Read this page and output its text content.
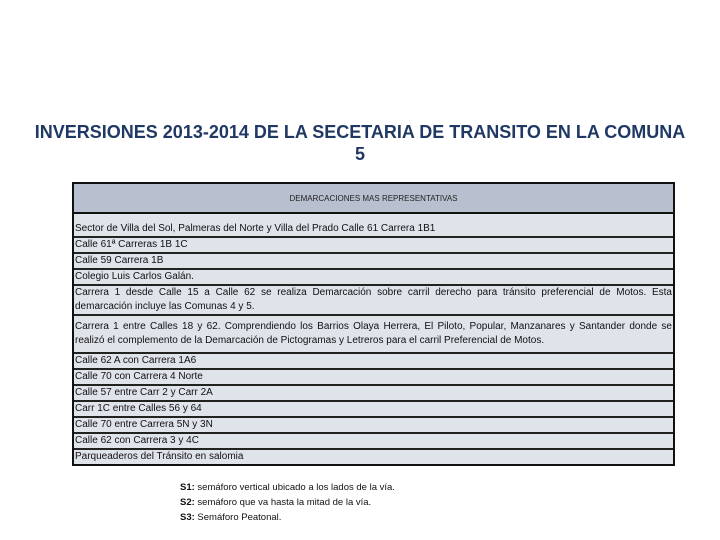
INVERSIONES 2013-2014 DE LA SECETARIA DE TRANSITO EN LA COMUNA 5
DEMARCACIONES MAS REPRESENTATIVAS
Sector de Villa del Sol, Palmeras del Norte y Villa del Prado Calle 61 Carrera 1B1
Calle 61ª Carreras 1B 1C
Calle 59 Carrera 1B
Colegio Luis Carlos Galán.
Carrera 1 desde Calle 15 a Calle 62 se realiza Demarcación sobre carril derecho para tránsito preferencial de Motos. Esta demarcación incluye las Comunas 4 y 5.
Carrera 1 entre Calles 18 y 62. Comprendiendo los Barrios Olaya Herrera, El Piloto, Popular, Manzanares y Santander donde se realizó el complemento de la Demarcación de Pictogramas y Letreros para el carril Preferencial de Motos.
Calle 62 A con Carrera 1A6
Calle 70 con Carrera 4 Norte
Calle 57 entre Carr 2 y Carr 2A
Carr 1C entre Calles 56 y 64
Calle 70 entre Carrera 5N y 3N
Calle 62 con Carrera 3 y 4C
Parqueaderos del Tránsito en salomia
S1: semáforo vertical ubicado a los lados de la vía.
S2: semáforo que va hasta la mitad de la vía.
S3: Semáforo Peatonal.
